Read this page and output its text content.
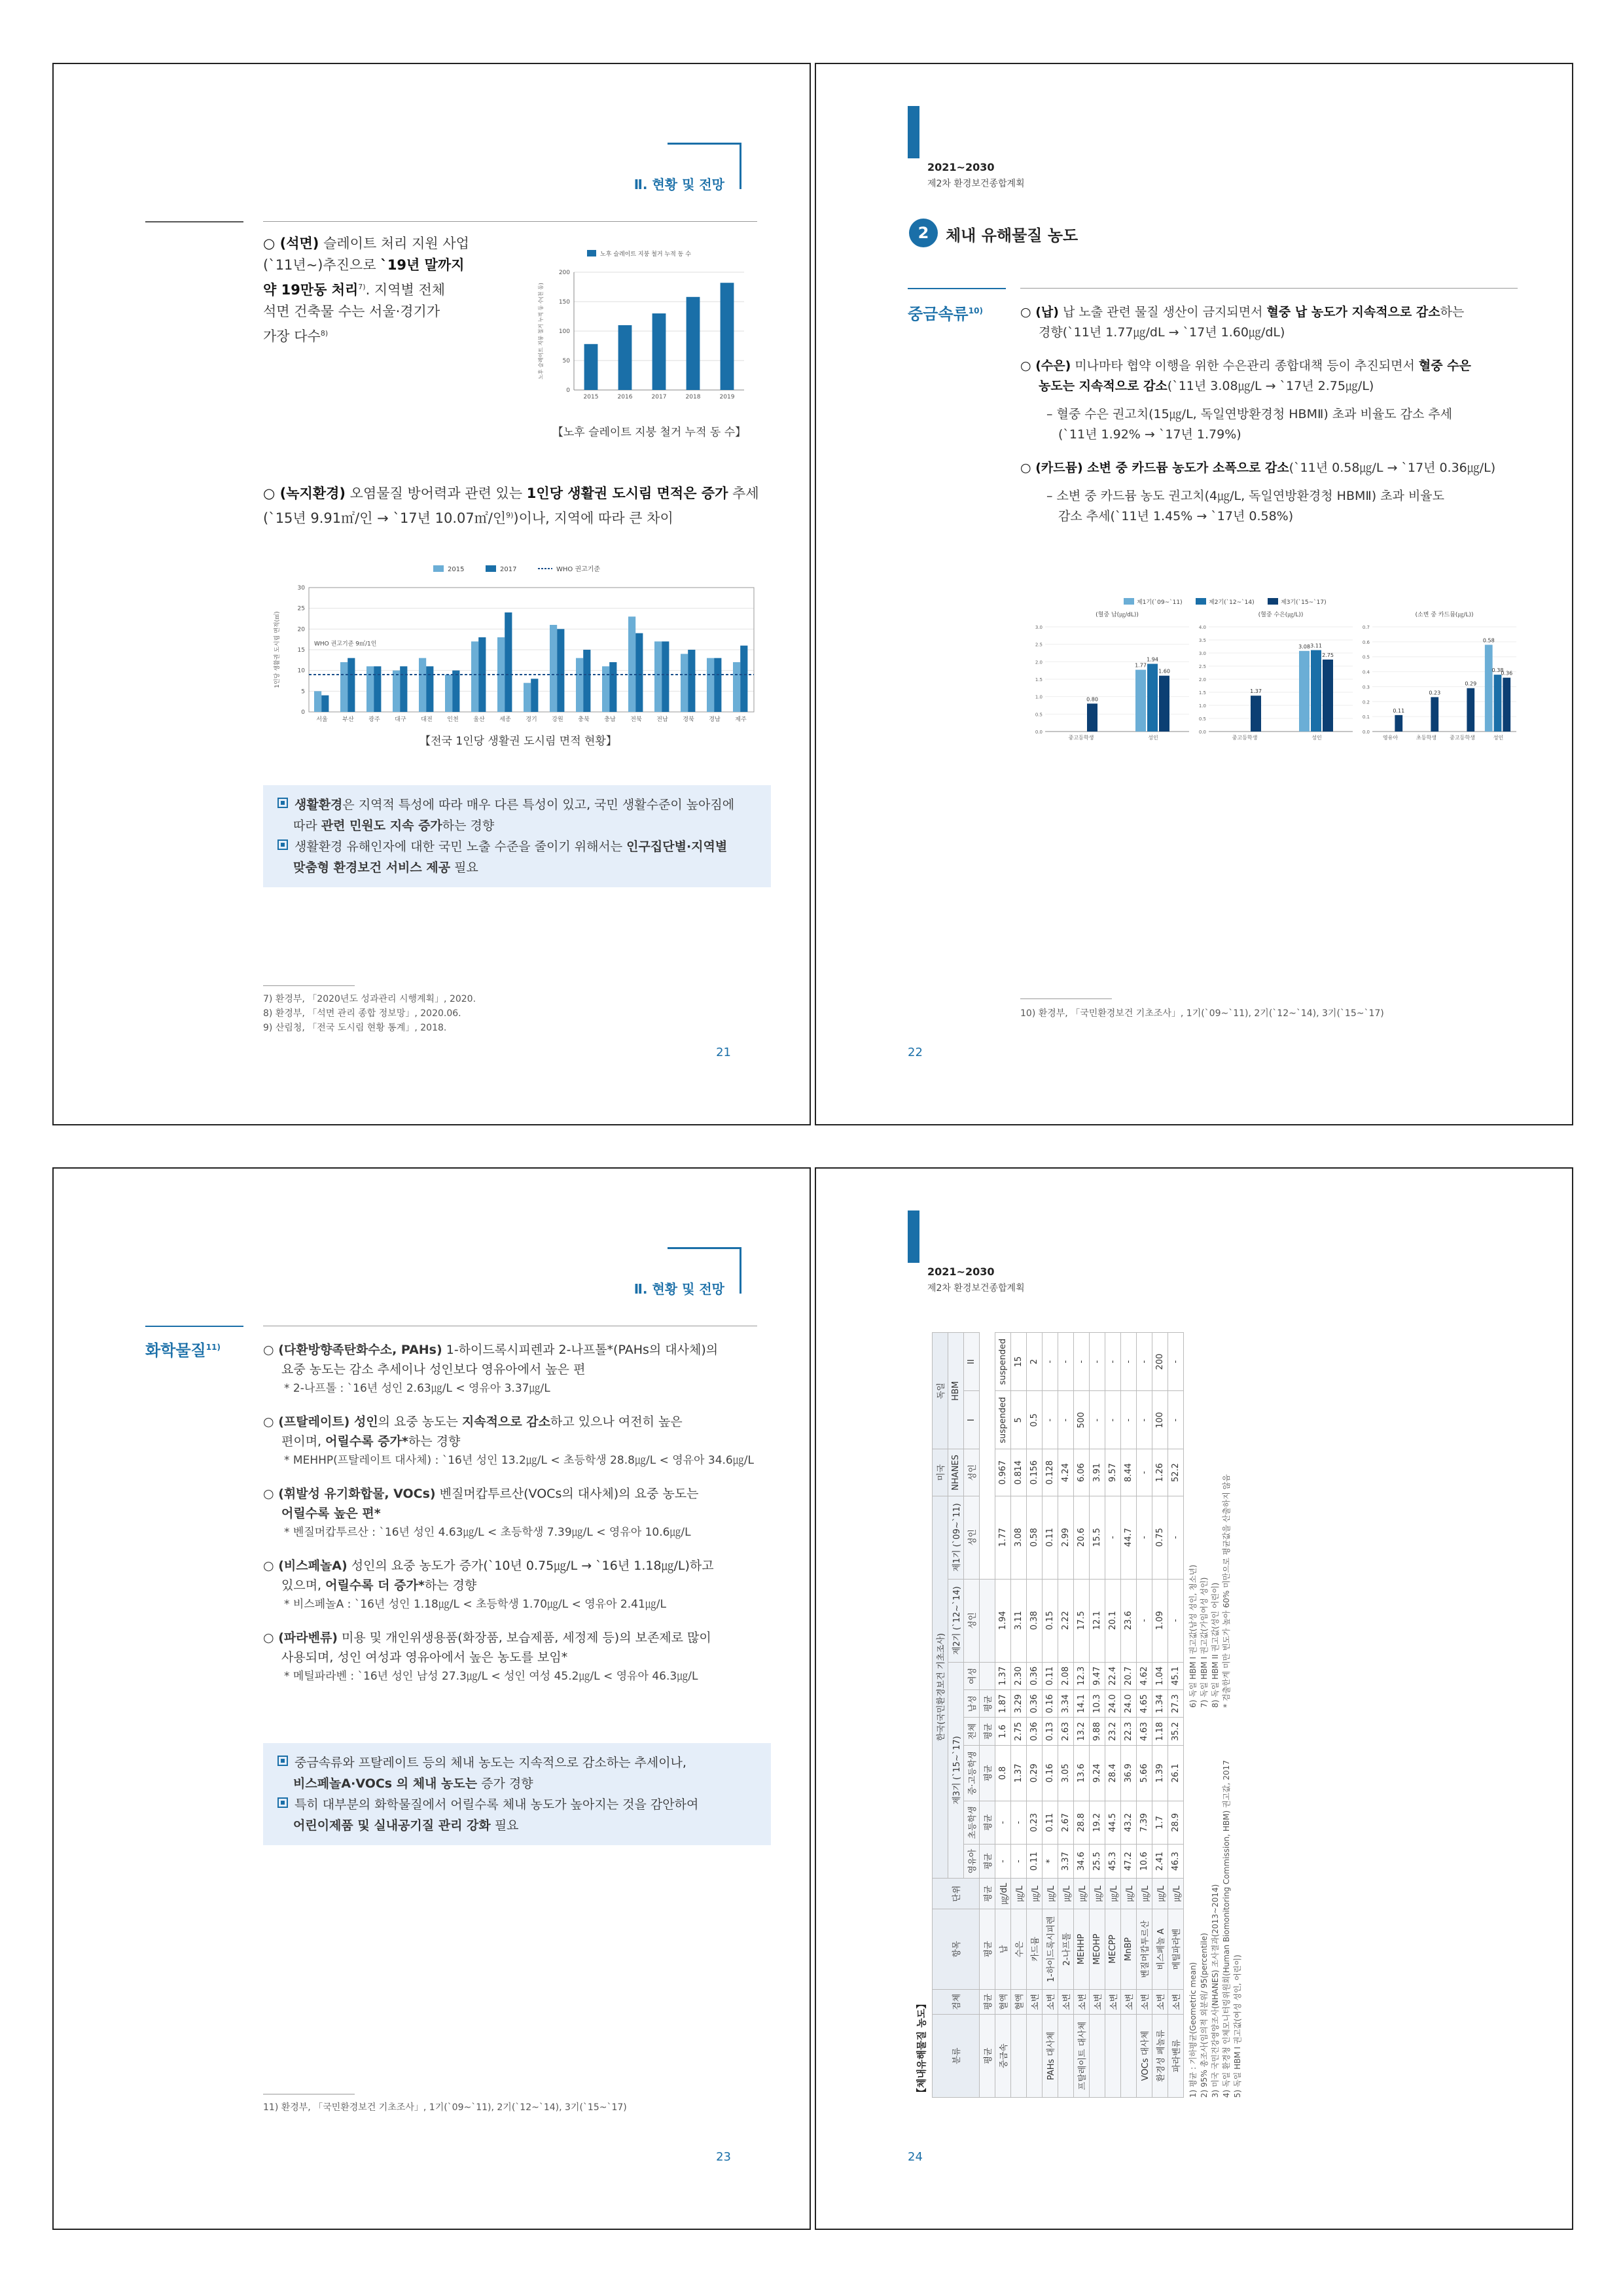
Ⅱ. 현황 및 전망
○ (석면) 슬레이트 처리 지원 사업
(`11년~)추진으로 `19년 말까지
약 19만동 처리$^{7)}$. 지역별 전체
석면 건축물 수는 서울·경기가
가장 다수$^{8)}$
노후 슬레이트 지붕 철거 누적 동 수
노후 슬레이트 지붕 철거 누적 동 수(천 동)
0
50
100
150
200
2015	2016	2017	2018	2019
【노후 슬레이트 지붕 철거 누적 동 수】
○ (녹지환경) 오염물질 방어력과 관련 있는 1인당 생활권 도시림 면적은 증가 추세
(`15년 9.91㎡/인 → `17년 10.07㎡/인$^{9)}$)이나, 지역에 따라 큰 차이
2015	2017	WHO 권고기준
1인당 생활권 도시림 면적(㎡)
0
5
10
15
20
25
30
서울	부산	광주	대구	대전	인천	울산	세종	경기	강원	충북	충남	전북	전남	경북	경남	제주
WHO 권고기준 9㎡/1인
【전국 1인당 생활권 도시림 면적 현황】
생활환경은 지역적 특성에 따라 매우 다른 특성이 있고, 국민 생활수준이 높아짐에
따라 관련 민원도 지속 증가하는 경향
생활환경 유해인자에 대한 국민 노출 수준을 줄이기 위해서는 인구집단별·지역별
맞춤형 환경보건 서비스 제공 필요
7) 환경부, 「2020년도 성과관리 시행계획」, 2020.
8) 환경부, 「석면 관리 종합 정보망」, 2020.06.
9) 산림청, 「전국 도시림 현황 통계」, 2018.
21
2021~2030
제2차 환경보건종합계획
2	체내 유해물질 농도
중금속류$^{10)}$	○ (납) 납 노출 관련 물질 생산이 금지되면서 혈중 납 농도가 지속적으로 감소하는
경향(`11년 1.77㎍/dL → `17년 1.60㎍/dL)
○ (수은) 미나마타 협약 이행을 위한 수은관리 종합대책 등이 추진되면서 혈중 수은
농도는 지속적으로 감소(`11년 3.08㎍/L → `17년 2.75㎍/L)
– 혈중 수은 권고치(15㎍/L, 독일연방환경청 HBMⅡ) 초과 비율도 감소 추세
(`11년 1.92% → `17년 1.79%)
○ (카드뮴) 소변 중 카드뮴 농도가 소폭으로 감소(`11년 0.58㎍/L → `17년 0.36㎍/L)
– 소변 중 카드뮴 농도 권고치(4㎍/L, 독일연방환경청 HBMⅡ) 초과 비율도
감소 추세(`11년 1.45% → `17년 0.58%)
제1기(`09~`11)	제2기(`12~`14)	제3기(`15~`17)
(혈중 납(㎍/dL))
0.0
0.5
1.0
1.5
2.0
2.5
3.0
0.80
중고등학생
1.77
1.94
1.60
성인
(혈중 수은(㎍/L))
0.0
0.5
1.0
1.5
2.0
2.5
3.0
3.5
4.0
1.37
중고등학생
3.08 3.11
2.75
성인
(소변 중 카드뮴(㎍/L))
0.0
0.1
0.2
0.3
0.4
0.5
0.6
0.7
0.11
영유아
0.23
초등학생
0.29
중고등학생
0.58
0.38
0.36
성인
10) 환경부, 「국민환경보건 기초조사」, 1기(`09~`11), 2기(`12~`14), 3기(`15~`17)
22
Ⅱ. 현황 및 전망
화학물질$^{11)}$	○ (다환방향족탄화수소, PAHs) 1-하이드록시피렌과 2-나프톨*(PAHs의 대사체)의
요중 농도는 감소 추세이나 성인보다 영유아에서 높은 편
* 2-나프톨 : `16년 성인 2.63㎍/L < 영유아 3.37㎍/L
○ (프탈레이트) 성인의 요중 농도는 지속적으로 감소하고 있으나 여전히 높은
편이며, 어릴수록 증가*하는 경향
* MEHHP(프탈레이트 대사체) : `16년 성인 13.2㎍/L < 초등학생 28.8㎍/L < 영유아 34.6㎍/L
○ (휘발성 유기화합물, VOCs) 벤질머캅투르산(VOCs의 대사체)의 요중 농도는
어릴수록 높은 편*
* 벤질머캅투르산 : `16년 성인 4.63㎍/L < 초등학생 7.39㎍/L < 영유아 10.6㎍/L
○ (비스페놀A) 성인의 요중 농도가 증가(`10년 0.75㎍/L → `16년 1.18㎍/L)하고
있으며, 어릴수록 더 증가*하는 경향
* 비스페놀A : `16년 성인 1.18㎍/L < 초등학생 1.70㎍/L < 영유아 2.41㎍/L
○ (파라벤류) 미용 및 개인위생용품(화장품, 보습제품, 세정제 등)의 보존제로 많이
사용되며, 성인 여성과 영유아에서 높은 농도를 보임*
* 메틸파라벤 : `16년 성인 남성 27.3㎍/L < 성인 여성 45.2㎍/L < 영유아 46.3㎍/L
중금속류와 프탈레이트 등의 체내 농도는 지속적으로 감소하는 추세이나,
비스페놀A·VOCs 의 체내 농도는 증가 경향
특히 대부분의 화학물질에서 어릴수록 체내 농도가 높아지는 것을 감안하여
어린이제품 및 실내공기질 관리 강화 필요
11) 환경부, 「국민환경보건 기초조사」, 1기(`09~`11), 2기(`12~`14), 3기(`15~`17)
23
2021~2030
제2차 환경보건종합계획
【체내유해물질 농도】	분류	검체	항목	단위	한국(국민환경보건 기초조사)								미국	독일	
				제3기 (`15~`17)						제2기 (`12~`14)	제1기 (`09~`11)	NHANES	HBM	
				영유아	초등학생	중·고등학생	전체	남성	여성	성인	성인	성인	I	II
평균	평균	평균	평균	평균	평균	평균	평균	평균						
중금속	혈액	납	㎍/dL	-	-	0.8	1.6	1.87	1.37	1.94	1.77	0.967	suspended	suspended
	혈액	수은	㎍/L	-	-	1.37	2.75	3.29	2.30	3.11	3.08	0.814	5	15
	소변	카드뮴	㎍/L	0.11	0.23	0.29	0.36	0.36	0.36	0.38	0.58	0.156	0.5	2
PAHs 대사체	소변	1-하이드록시피렌	㎍/L	*	0.11	0.16	0.13	0.16	0.11	0.15	0.11	0.128	-	-
	소변	2-나프톨	㎍/L	3.37	2.67	3.05	2.63	3.34	2.08	2.22	2.99	4.24	-	-
프탈레이트 대사체	소변	MEHHP	㎍/L	34.6	28.8	13.6	13.2	14.1	12.3	17.5	20.6	6.06	500	-
	소변	MEOHP	㎍/L	25.5	19.2	9.24	9.88	10.3	9.47	12.1	15.5	3.91	-	-
	소변	MECPP	㎍/L	45.3	44.5	28.4	23.2	24.0	22.4	20.1	-	9.57	-	-
	소변	MnBP	㎍/L	47.2	43.2	36.9	22.3	24.0	20.7	23.6	44.7	8.44	-	-
VOCs 대사체	소변	벤질머캅투르산	㎍/L	10.6	7.39	5.66	4.63	4.65	4.62	-	-	-	-	-
환경성 페놀류	소변	비스페놀 A	㎍/L	2.41	1.7	1.39	1.18	1.34	1.04	1.09	0.75	1.26	100	200
파라벤류	소변	메틸파라벤	㎍/L	46.3	28.9	26.1	35.2	27.3	45.1	-	-	52.2	-	-
1) 평균 : 기하평균(Geometric mean) 2) 95% 총조사(임의적 외분위/ 95(percentile) 3) 미국 국민건강영양조사(NHANES) 조사결과(2013~2014) 4) 독일 환경청 인체모니터링위원회(Human Biomonitoring Commission, HBM) 권고값, 2017 5) 독일 HBM I 권고값(여성 성인, 어린이)
6) 독일 HBM I 권고값(남성 성인, 청소년) 7) 독일 HBM I 권고값(가임여성 성인) 8) 독일 HBM II 권고값(성인 어린이) * 검출한계 미만 빈도가 높아 60% 미만으로 평균값을 산출하지 않음
24
